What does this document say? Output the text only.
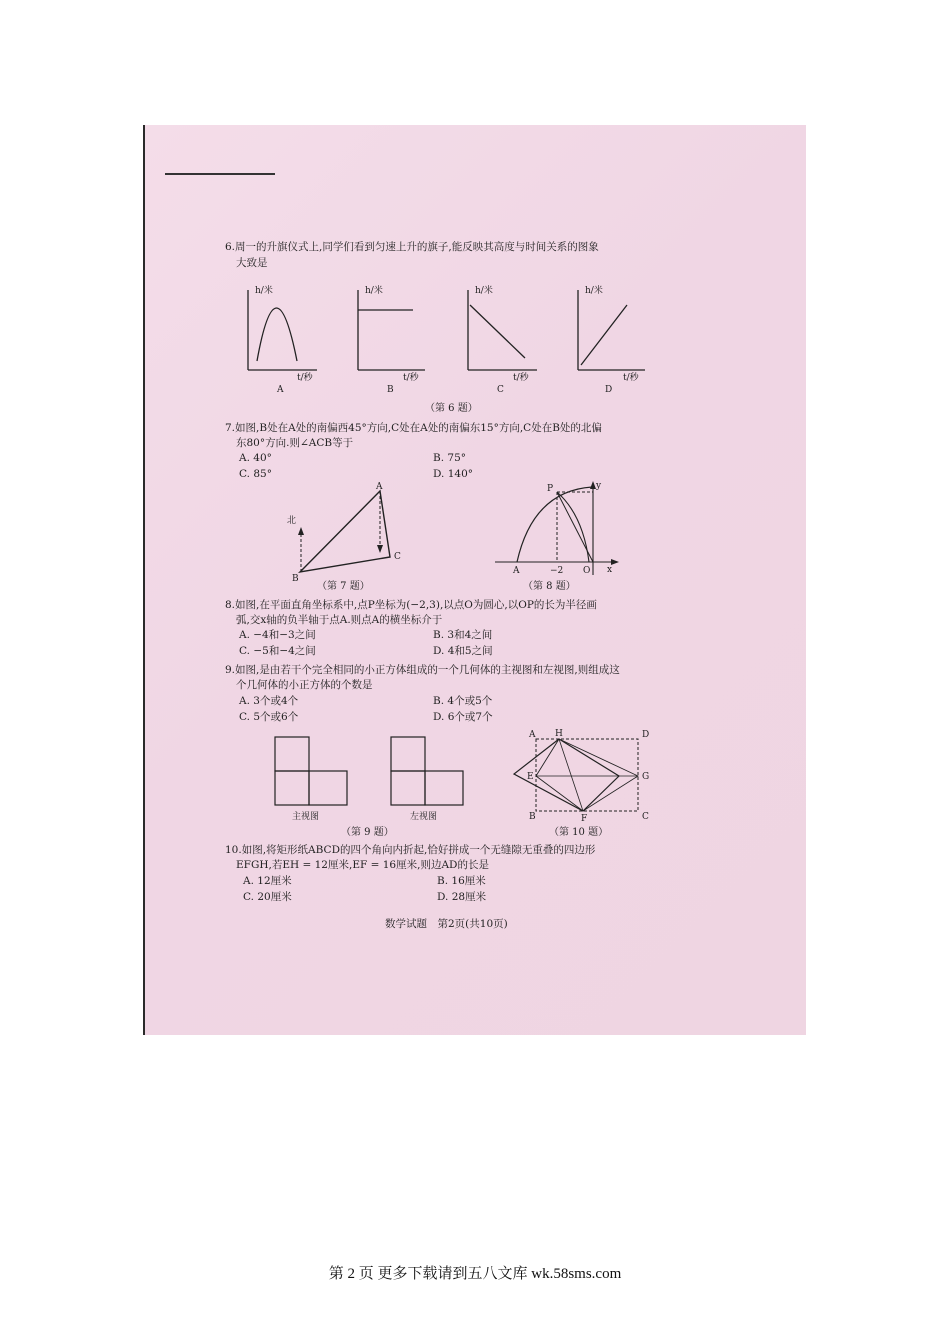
6.周一的升旗仪式上,同学们看到匀速上升的旗子,能反映其高度与时间关系的图象
大致是
h/米
t/秒
A
h/米
t/秒
B
h/米
t/秒
C
h/米
t/秒
D
（第 6 题）
7.如图,B处在A处的南偏西45°方向,C处在A处的南偏东15°方向,C处在B处的北偏
东80°方向.则∠ACB等于
A. 40°	B. 75°
C. 85°	D. 140°
北
A
B
C
（第 7 题）
P	y
A	−2 O x
（第 8 题）
8.如图,在平面直角坐标系中,点P坐标为(−2,3),以点O为圆心,以OP的长为半径画
弧,交x轴的负半轴于点A.则点A的横坐标介于
A. −4和−3之间	B. 3和4之间
C. −5和−4之间	D. 4和5之间
9.如图,是由若干个完全相同的小正方体组成的一个几何体的主视图和左视图,则组成这
个几何体的小正方体的个数是
A. 3个或4个	B. 4个或5个
C. 5个或6个	D. 6个或7个
主视图	左视图
（第 9 题）
A H	D
E	G
B	F	C
（第 10 题）
10.如图,将矩形纸ABCD的四个角向内折起,恰好拼成一个无缝隙无重叠的四边形
EFGH,若EH = 12厘米,EF = 16厘米,则边AD的长是
A. 12厘米	B. 16厘米
C. 20厘米	D. 28厘米
数学试题　第2页(共10页)
第 2 页 更多下载请到五八文库 wk.58sms.com
